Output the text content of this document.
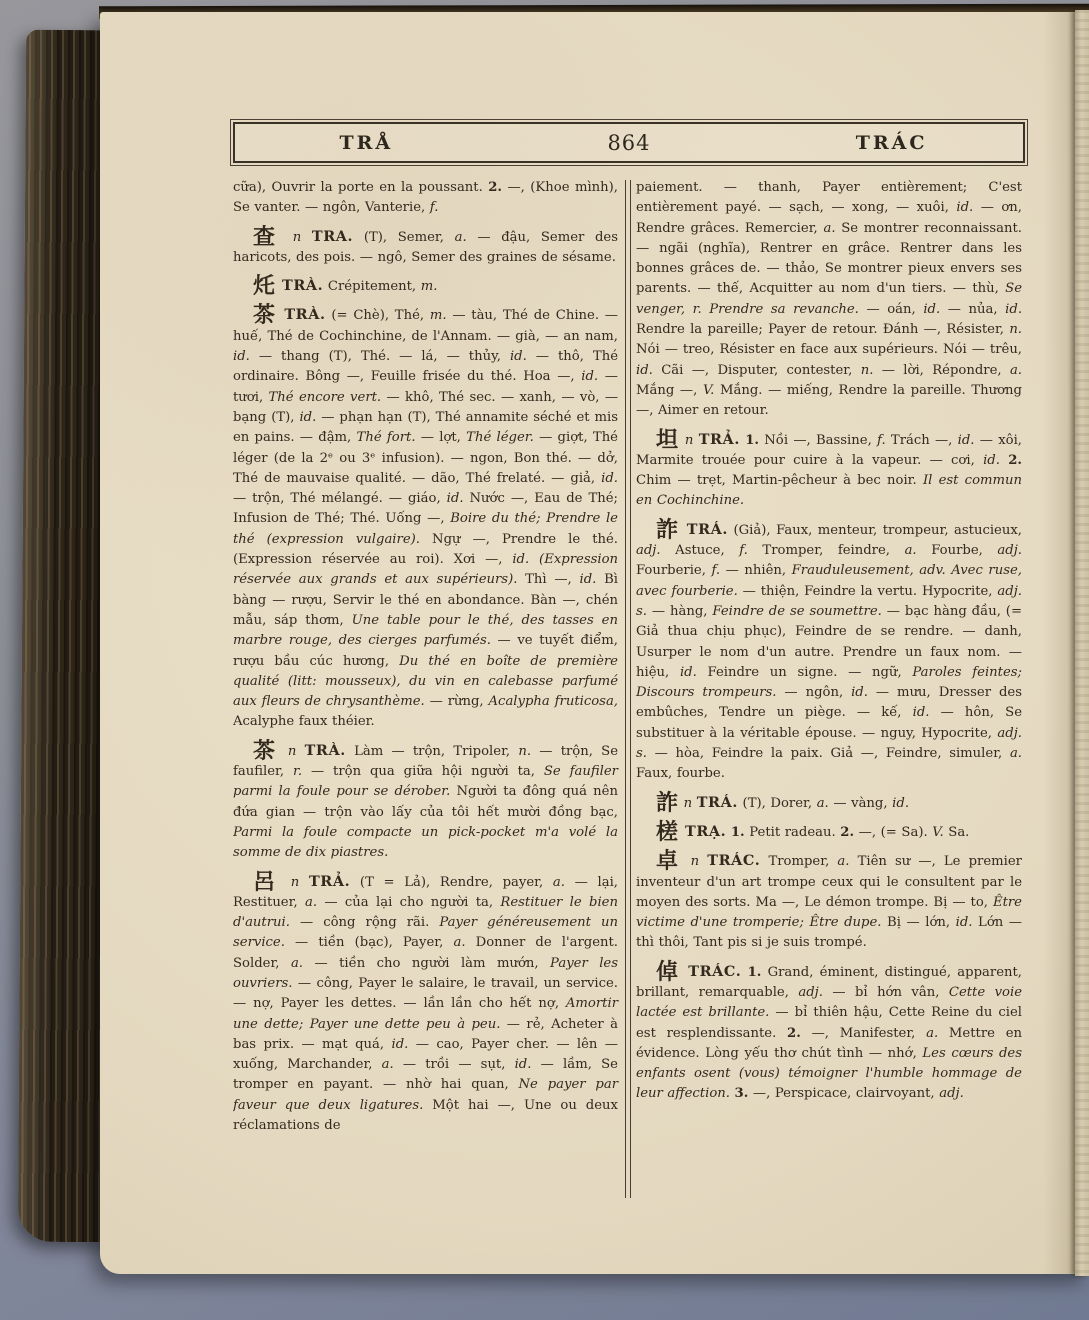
TRÅ	864	TRÁC

cữa), Ouvrir la porte en la poussant. 2. —, (Khoe mình), Se vanter. — ngôn, Vanterie, f.

查 n TRA. (T), Semer, a. — đậu, Semer des haricots, des pois. — ngô, Semer des graines de sésame.

灹 TRÀ. Crépitement, m.

茶 TRÀ. (= Chè), Thé, m. — tàu, Thé de Chine. — huế, Thé de Cochinchine, de l'Annam. — già, — an nam, id. — thang (T), Thé. — lá, — thủy, id. — thô, Thé ordinaire. Bông —, Feuille frisée du thé. Hoa —, id. — tươi, Thé encore vert. — khô, Thé sec. — xanh, — vò, — bạng (T), id. — phạn hạn (T), Thé annamite séché et mis en pains. — đậm, Thé fort. — lợt, Thé léger. — giợt, Thé léger (de la 2ᵉ ou 3ᵉ infusion). — ngon, Bon thé. — dở, Thé de mauvaise qualité. — dão, Thé frelaté. — giả, id. — trộn, Thé mélangé. — giáo, id. Nước —, Eau de Thé; Infusion de Thé; Thé. Uống —, Boire du thé; Prendre le thé (expression vulgaire). Ngự —, Prendre le thé. (Expression réservée au roi). Xơi —, id. (Expression réservée aux grands et aux supérieurs). Thì —, id. Bì bàng — rượu, Servir le thé en abondance. Bàn —, chén mẫu, sáp thơm, Une table pour le thé, des tasses en marbre rouge, des cierges parfumés. — ve tuyết điểm, rượu bầu cúc hương, Du thé en boîte de première qualité (litt: mousseux), du vin en calebasse parfumé aux fleurs de chrysanthème. — rừng, Acalypha fruticosa, Acalyphe faux théier.

茶 n TRÀ. Làm — trộn, Tripoler, n. — trộn, Se faufiler, r. — trộn qua giữa hội người ta, Se faufiler parmi la foule pour se dérober. Người ta đông quá nên đứa gian — trộn vào lấy của tôi hết mười đồng bạc, Parmi la foule compacte un pick-pocket m'a volé la somme de dix piastres.

呂 n TRẢ. (T = Lả), Rendre, payer, a. — lại, Restituer, a. — của lại cho người ta, Restituer le bien d'autrui. — công rộng rãi. Payer généreusement un service. — tiền (bạc), Payer, a. Donner de l'argent. Solder, a. — tiền cho người làm mướn, Payer les ouvriers. — công, Payer le salaire, le travail, un service. — nợ, Payer les dettes. — lần lần cho hết nợ, Amortir une dette; Payer une dette peu à peu. — rẻ, Acheter à bas prix. — mạt quá, id. — cao, Payer cher. — lên — xuống, Marchander, a. — trồi — sụt, id. — lầm, Se tromper en payant. — nhờ hai quan, Ne payer par faveur que deux ligatures. Một hai —, Une ou deux réclamations de

paiement. — thanh, Payer entièrement; C'est entièrement payé. — sạch, — xong, — xuôi, id. — ơn, Rendre grâces. Remercier, a. Se montrer reconnaissant. — ngãi (nghĩa), Rentrer en grâce. Rentrer dans les bonnes grâces de. — thảo, Se montrer pieux envers ses parents. — thế, Acquitter au nom d'un tiers. — thù, Se venger, r. Prendre sa revanche. — oán, id. — nủa, id. Rendre la pareille; Payer de retour. Đánh —, Résister, n. Nói — treo, Résister en face aux supérieurs. Nói — trêu, id. Cãi —, Disputer, contester, n. — lời, Répondre, a. Mắng —, V. Mắng. — miếng, Rendre la pareille. Thương —, Aimer en retour.

坦 n TRẢ. 1. Nồi —, Bassine, f. Trách —, id. — xôi, Marmite trouée pour cuire à la vapeur. — cơi, id. 2. Chim — trẹt, Martin-pêcheur à bec noir. Il est commun en Cochinchine.

詐 TRÁ. (Giả), Faux, menteur, trompeur, astucieux, adj. Astuce, f. Tromper, feindre, a. Fourbe, adj. Fourberie, f. — nhiên, Frauduleusement, adv. Avec ruse, avec fourberie. — thiện, Feindre la vertu. Hypocrite, adj. s. — hàng, Feindre de se soumettre. — bạc hàng đầu, (= Giả thua chịu phục), Feindre de se rendre. — danh, Usurper le nom d'un autre. Prendre un faux nom. — hiệu, id. Feindre un signe. — ngữ, Paroles feintes; Discours trompeurs. — ngôn, id. — mưu, Dresser des embûches, Tendre un piège. — kế, id. — hôn, Se substituer à la véritable épouse. — nguy, Hypocrite, adj. s. — hòa, Feindre la paix. Giả —, Feindre, simuler, a. Faux, fourbe.

詐 n TRÁ. (T), Dorer, a. — vàng, id.

槎 TRẠ. 1. Petit radeau. 2. —, (= Sa). V. Sa.

卓 n TRÁC. Tromper, a. Tiên sư —, Le premier inventeur d'un art trompe ceux qui le consultent par le moyen des sorts. Ma —, Le démon trompe. Bị — to, Être victime d'une tromperie; Être dupe. Bị — lớn, id. Lớn — thì thôi, Tant pis si je suis trompé.

倬 TRÁC. 1. Grand, éminent, distingué, apparent, brillant, remarquable, adj. — bỉ hớn vân, Cette voie lactée est brillante. — bỉ thiên hậu, Cette Reine du ciel est resplendissante. 2. —, Manifester, a. Mettre en évidence. Lòng yếu thơ chút tình — nhớ, Les cœurs des enfants osent (vous) témoigner l'humble hommage de leur affection. 3. —, Perspicace, clairvoyant, adj.
